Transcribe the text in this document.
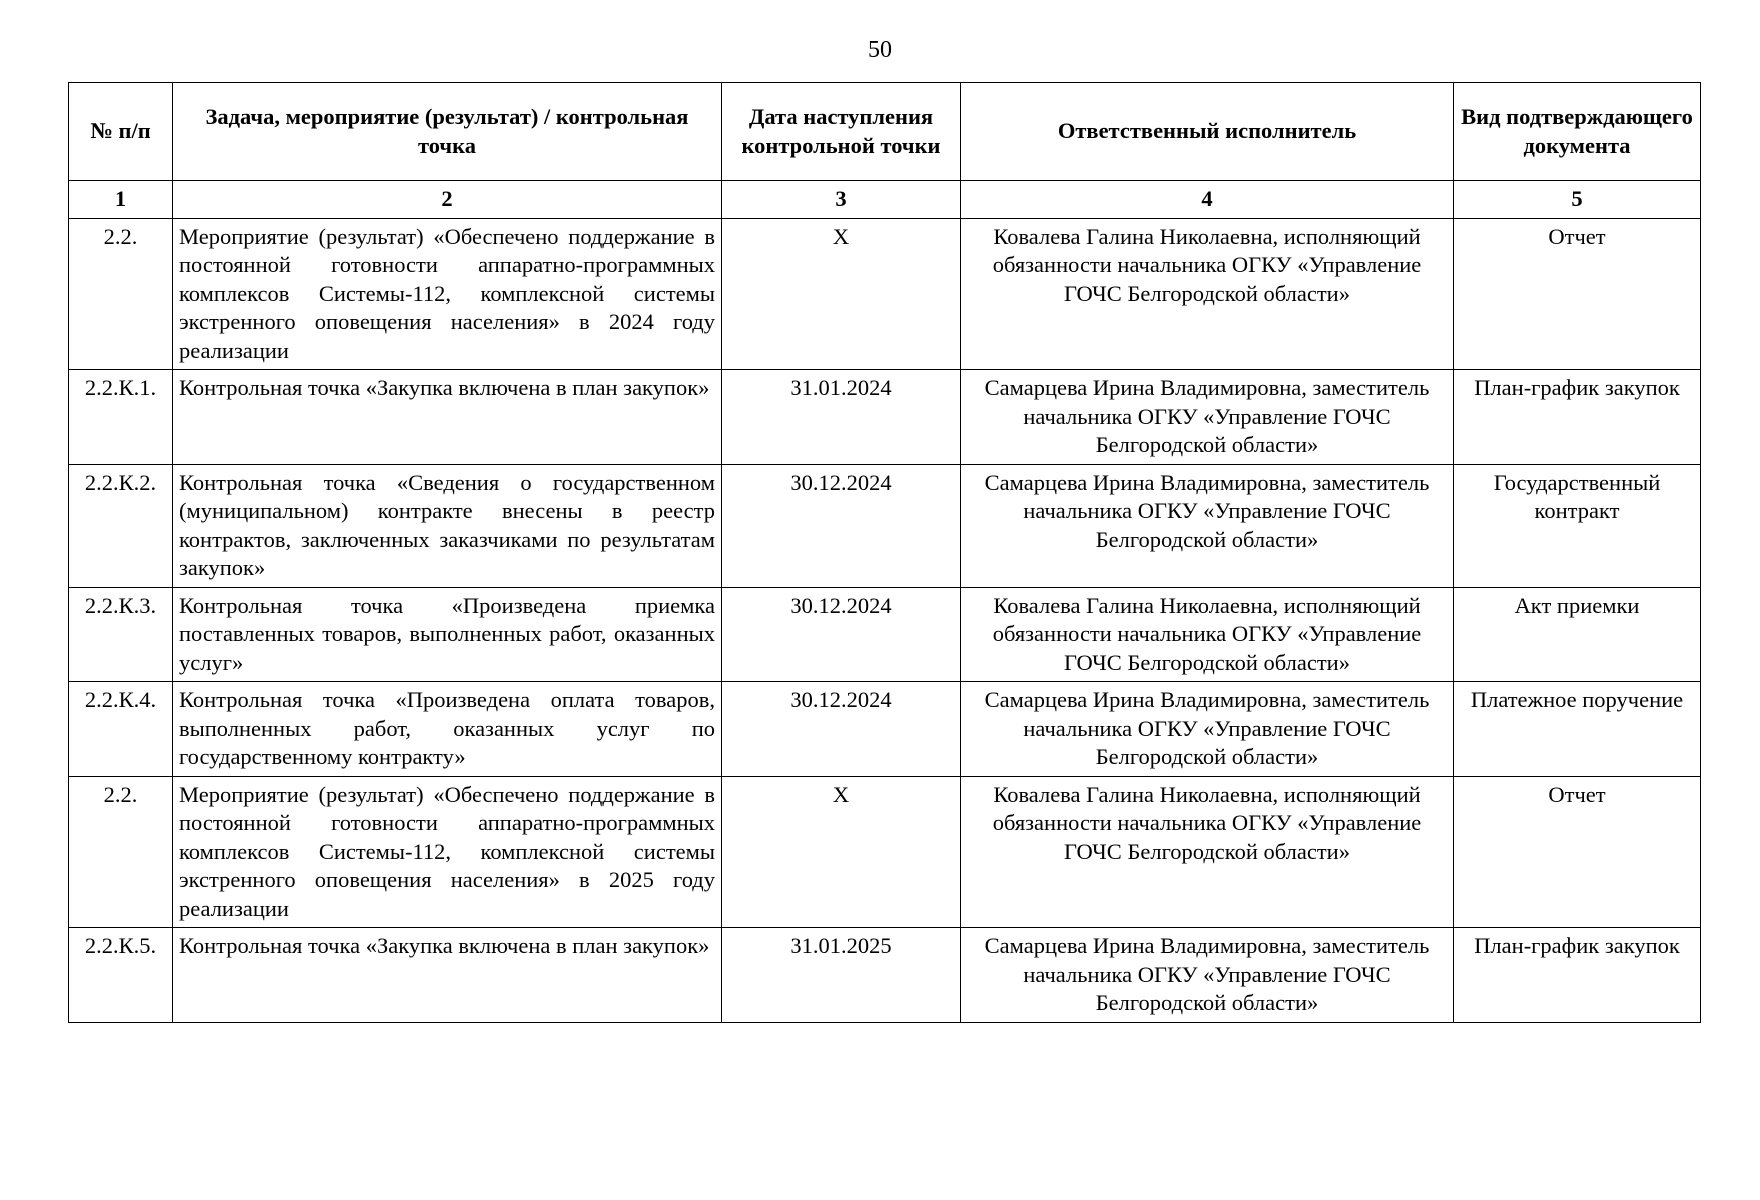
50
№ п/п	Задача, мероприятие (результат) / контрольная точка	Дата наступления контрольной точки	Ответственный исполнитель	Вид подтверждающего документа
1	2	3	4	5
2.2.	Мероприятие (результат) «Обеспечено поддержание в постоянной готовности аппаратно-программных комплексов Системы-112, комплексной системы экстренного оповещения населения» в 2024 году реализации	Х	Ковалева Галина Николаевна, исполняющий обязанности начальника ОГКУ «Управление ГОЧС Белгородской области»	Отчет
2.2.К.1.	Контрольная точка «Закупка включена в план закупок»	31.01.2024	Самарцева Ирина Владимировна, заместитель начальника ОГКУ «Управление ГОЧС Белгородской области»	План-график закупок
2.2.К.2.	Контрольная точка «Сведения о государственном (муниципальном) контракте внесены в реестр контрактов, заключенных заказчиками по результатам закупок»	30.12.2024	Самарцева Ирина Владимировна, заместитель начальника ОГКУ «Управление ГОЧС Белгородской области»	Государственный контракт
2.2.К.3.	Контрольная точка «Произведена приемка поставленных товаров, выполненных работ, оказанных услуг»	30.12.2024	Ковалева Галина Николаевна, исполняющий обязанности начальника ОГКУ «Управление ГОЧС Белгородской области»	Акт приемки
2.2.К.4.	Контрольная точка «Произведена оплата товаров, выполненных работ, оказанных услуг по государственному контракту»	30.12.2024	Самарцева Ирина Владимировна, заместитель начальника ОГКУ «Управление ГОЧС Белгородской области»	Платежное поручение
2.2.	Мероприятие (результат) «Обеспечено поддержание в постоянной готовности аппаратно-программных комплексов Системы-112, комплексной системы экстренного оповещения населения» в 2025 году реализации	Х	Ковалева Галина Николаевна, исполняющий обязанности начальника ОГКУ «Управление ГОЧС Белгородской области»	Отчет
2.2.К.5.	Контрольная точка «Закупка включена в план закупок»	31.01.2025	Самарцева Ирина Владимировна, заместитель начальника ОГКУ «Управление ГОЧС Белгородской области»	План-график закупок
